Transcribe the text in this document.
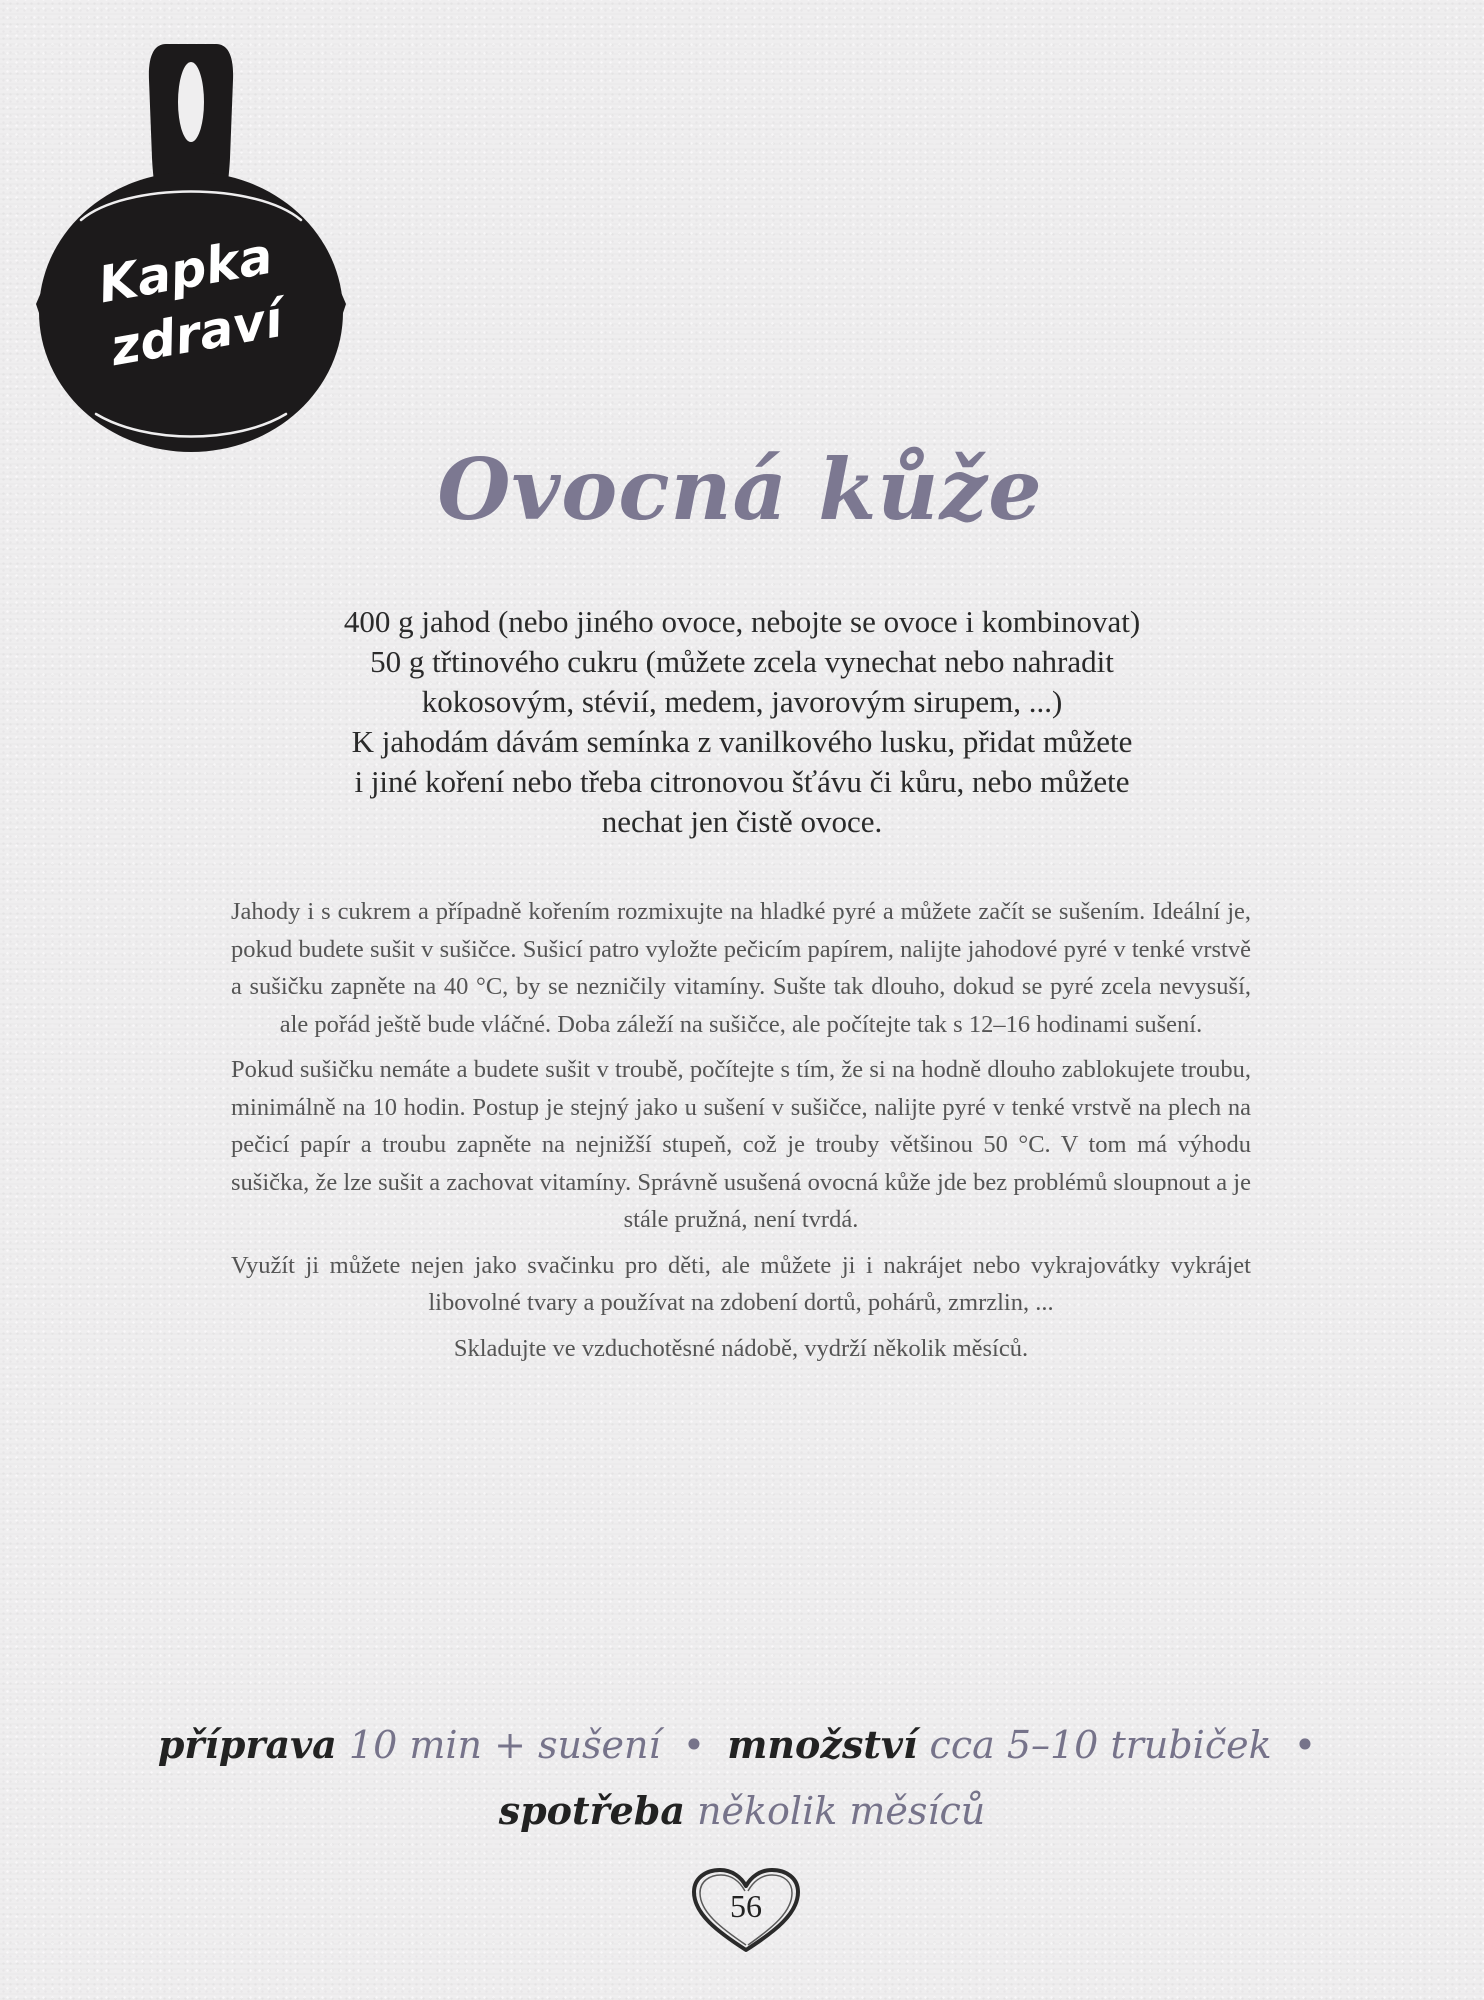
Kapka
zdraví
Ovocná kůže
400 g jahod (nebo jiného ovoce, nebojte se ovoce i kombinovat)
50 g třtinového cukru (můžete zcela vynechat nebo nahradit
kokosovým, stévií, medem, javorovým sirupem, ...)
K jahodám dávám semínka z vanilkového lusku, přidat můžete
i jiné koření nebo třeba citronovou šťávu či kůru, nebo můžete
nechat jen čistě ovoce.

Jahody i s cukrem a případně kořením rozmixujte na hladké pyré a můžete začít se sušením. Ideální je, pokud budete sušit v sušičce. Sušicí patro vyložte pečicím papírem, nalijte jahodové pyré v tenké vrstvě a sušičku zapněte na 40 °C, by se nezničily vitamíny. Sušte tak dlouho, dokud se pyré zcela nevysuší, ale pořád ještě bude vláčné. Doba záleží na sušičce, ale počítejte tak s 12–16 hodinami sušení.

Pokud sušičku nemáte a budete sušit v troubě, počítejte s tím, že si na hodně dlouho zablokujete troubu, minimálně na 10 hodin. Postup je stejný jako u sušení v sušičce, nalijte pyré v tenké vrstvě na plech na pečicí papír a troubu zapněte na nejnižší stupeň, což je trouby většinou 50 °C. V tom má výhodu sušička, že lze sušit a zachovat vitamíny. Správně usušená ovocná kůže jde bez problémů sloupnout a je stále pružná, není tvrdá.

Využít ji můžete nejen jako svačinku pro děti, ale můžete ji i nakrájet nebo vykrajovátky vykrájet libovolné tvary a používat na zdobení dortů, pohárů, zmrzlin, ...

Skladujte ve vzduchotěsné nádobě, vydrží několik měsíců.

příprava 10 min + sušení • množství cca 5–10 trubiček •
spotřeba několik měsíců
56
